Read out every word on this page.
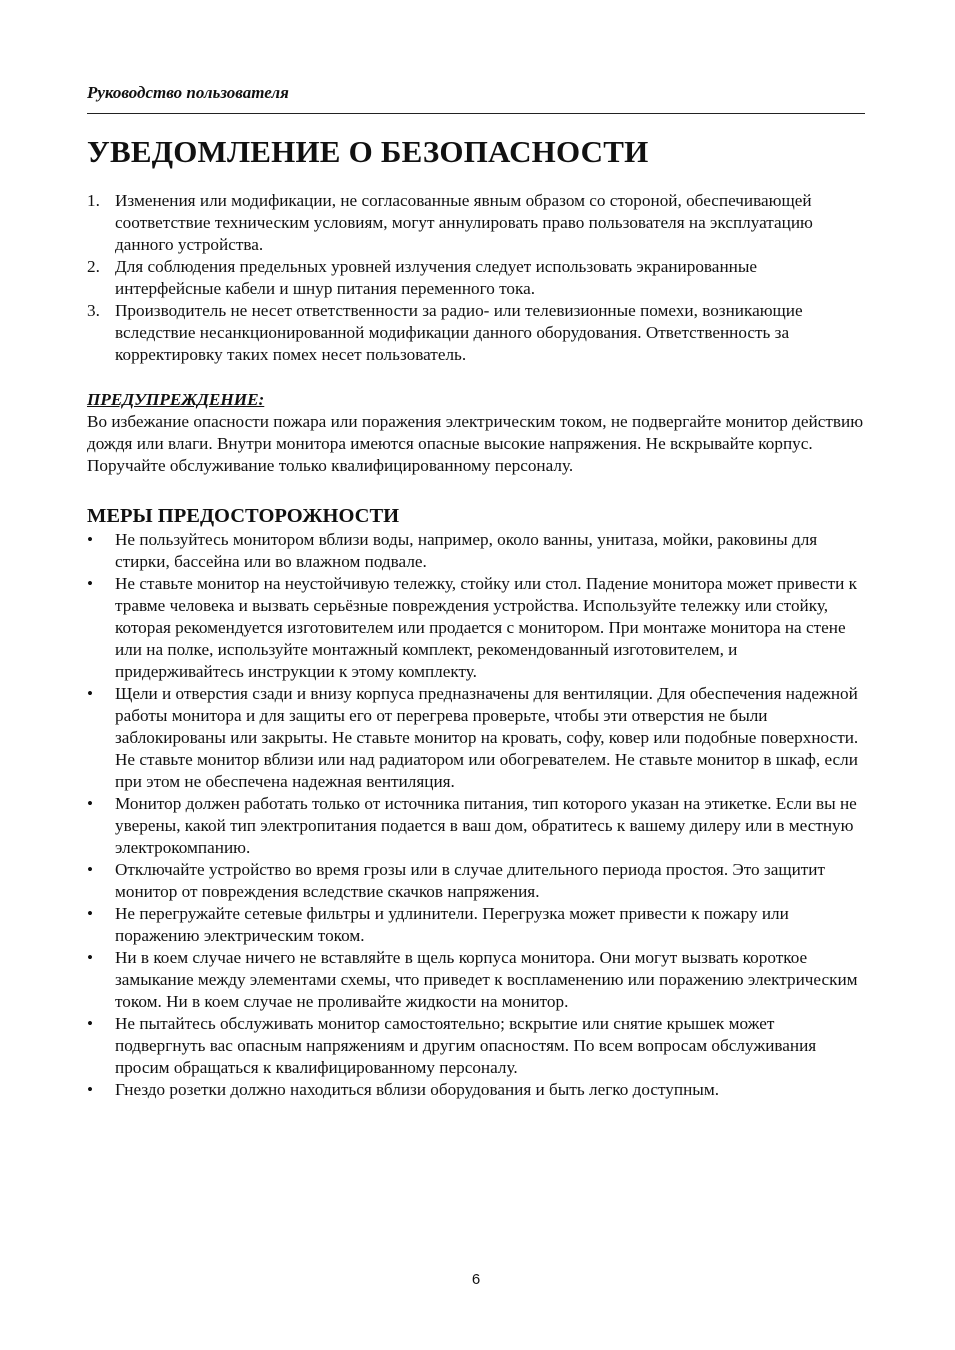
Руководство пользователя
УВЕДОМЛЕНИЕ О БЕЗОПАСНОСТИ
1. Изменения или модификации, не согласованные явным образом со стороной, обеспечивающей соответствие техническим условиям, могут аннулировать право пользователя на эксплуатацию данного устройства.
2. Для соблюдения предельных уровней излучения следует использовать экранированные интерфейсные кабели и шнур питания переменного тока.
3. Производитель не несет ответственности за радио- или телевизионные помехи, возникающие вследствие несанкционированной модификации данного оборудования. Ответственность за корректировку таких помех несет пользователь.
ПРЕДУПРЕЖДЕНИЕ:
Во избежание опасности пожара или поражения электрическим током, не подвергайте монитор действию дождя или влаги. Внутри монитора имеются опасные высокие напряжения. Не вскрывайте корпус. Поручайте обслуживание только квалифицированному персоналу.
МЕРЫ ПРЕДОСТОРОЖНОСТИ
• Не пользуйтесь монитором вблизи воды, например, около ванны, унитаза, мойки, раковины для стирки, бассейна или во влажном подвале.
• Не ставьте монитор на неустойчивую тележку, стойку или стол. Падение монитора может привести к травме человека и вызвать серьёзные повреждения устройства. Используйте тележку или стойку, которая рекомендуется изготовителем или продается с монитором. При монтаже монитора на стене или на полке, используйте монтажный комплект, рекомендованный изготовителем, и придерживайтесь инструкции к этому комплекту.
• Щели и отверстия сзади и внизу корпуса предназначены для вентиляции. Для обеспечения надежной работы монитора и для защиты его от перегрева проверьте, чтобы эти отверстия не были заблокированы или закрыты. Не ставьте монитор на кровать, софу, ковер или подобные поверхности. Не ставьте монитор вблизи или над радиатором или обогревателем. Не ставьте монитор в шкаф, если при этом не обеспечена надежная вентиляция.
• Монитор должен работать только от источника питания, тип которого указан на этикетке. Если вы не уверены, какой тип электропитания подается в ваш дом, обратитесь к вашему дилеру или в местную электрокомпанию.
• Отключайте устройство во время грозы или в случае длительного периода простоя. Это защитит монитор от повреждения вследствие скачков напряжения.
• Не перегружайте сетевые фильтры и удлинители. Перегрузка может привести к пожару или поражению электрическим током.
• Ни в коем случае ничего не вставляйте в щель корпуса монитора. Они могут вызвать короткое замыкание между элементами схемы, что приведет к воспламенению или поражению электрическим током. Ни в коем случае не проливайте жидкости на монитор.
• Не пытайтесь обслуживать монитор самостоятельно; вскрытие или снятие крышек может подвергнуть вас опасным напряжениям и другим опасностям. По всем вопросам обслуживания просим обращаться к квалифицированному персоналу.
• Гнездо розетки должно находиться вблизи оборудования и быть легко доступным.
6
